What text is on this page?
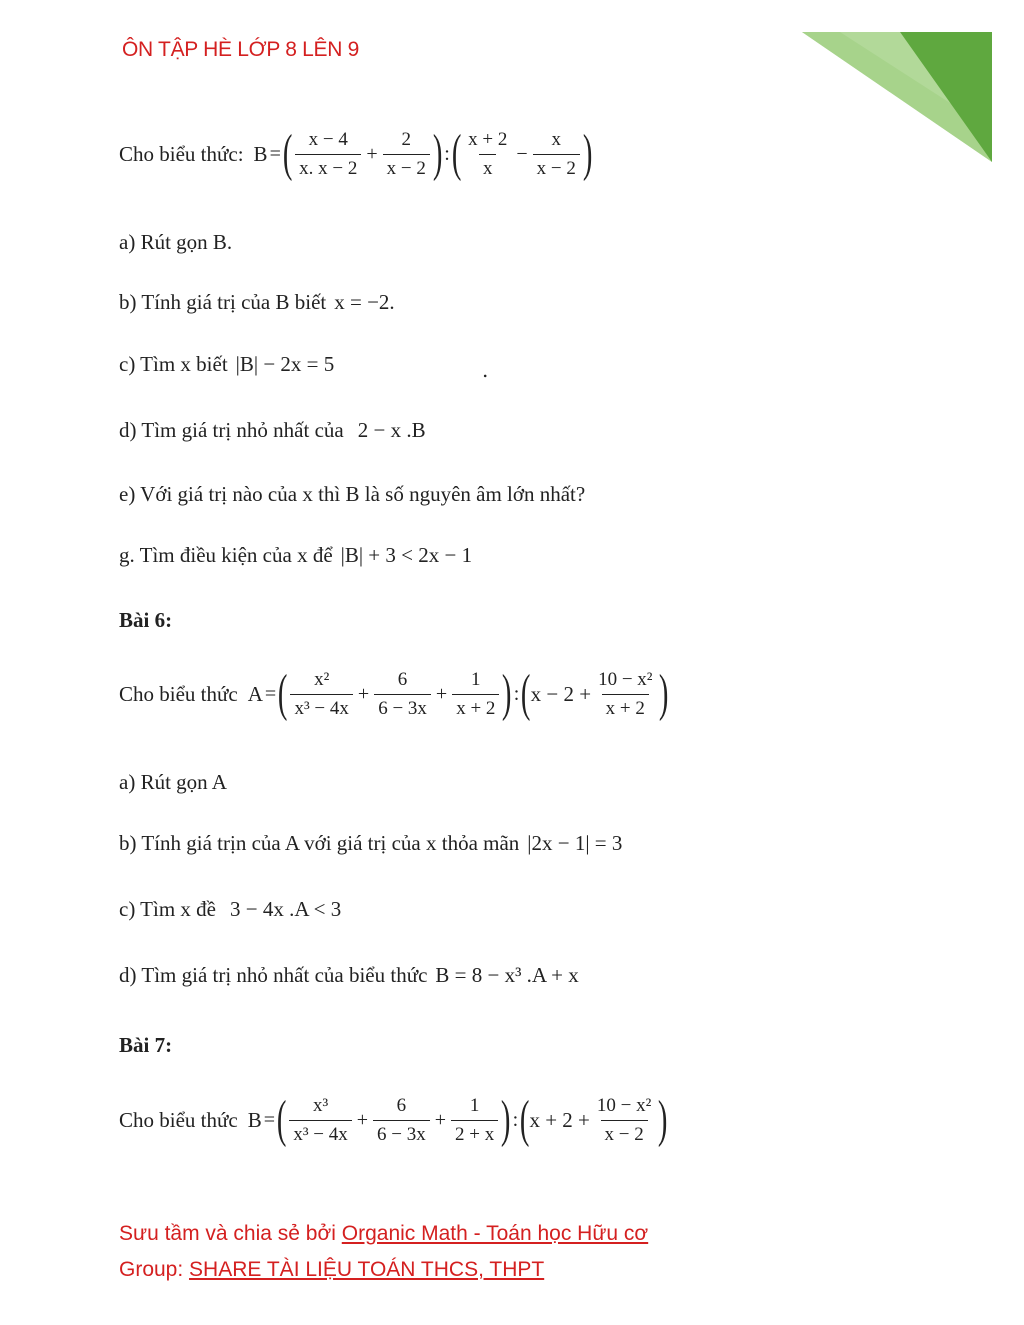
ÔN TẬP HÈ LỚP 8 LÊN 9
Cho biểu thức: B = ( $\frac{x - 4}{x. x - 2} + \frac{2}{x - 2}$ ) : ( $\frac{x + 2}{x} - \frac{x}{x - 2}$ )
a) Rút gọn B.
b) Tính giá trị của B biết x = −2.
c) Tìm x biết |B| − 2x = 5	.
d) Tìm giá trị nhỏ nhất của 2 − x .B
e) Với giá trị nào của x thì B là số nguyên âm lớn nhất?
g. Tìm điều kiện của x để |B| + 3 < 2x − 1
Bài 6:
Cho biểu thức A = ( $\frac{\text{x²}}{\text{x³ − 4x}} + \frac{6}{6 - 3x} + \frac{1}{x + 2}$ ) : ( $x - 2 + \frac{\text{10 − x²}}{x + 2}$ )
a) Rút gọn A
b) Tính giá trịn của A với giá trị của x thỏa mãn |2x − 1| = 3
c) Tìm x đề 3 − 4x .A < 3
d) Tìm giá trị nhỏ nhất của biểu thức B = 8 − x³ .A + x
Bài 7:
Cho biểu thức B = ( $\frac{\text{x³}}{\text{x³ − 4x}} + \frac{6}{6 - 3x} + \frac{1}{2 + x}$ ) : ( $x + 2 + \frac{\text{10 − x²}}{x - 2}$ )
Sưu tầm và chia sẻ bởi Organic Math - Toán học Hữu cơ
Group: SHARE TÀI LIỆU TOÁN THCS, THPT
